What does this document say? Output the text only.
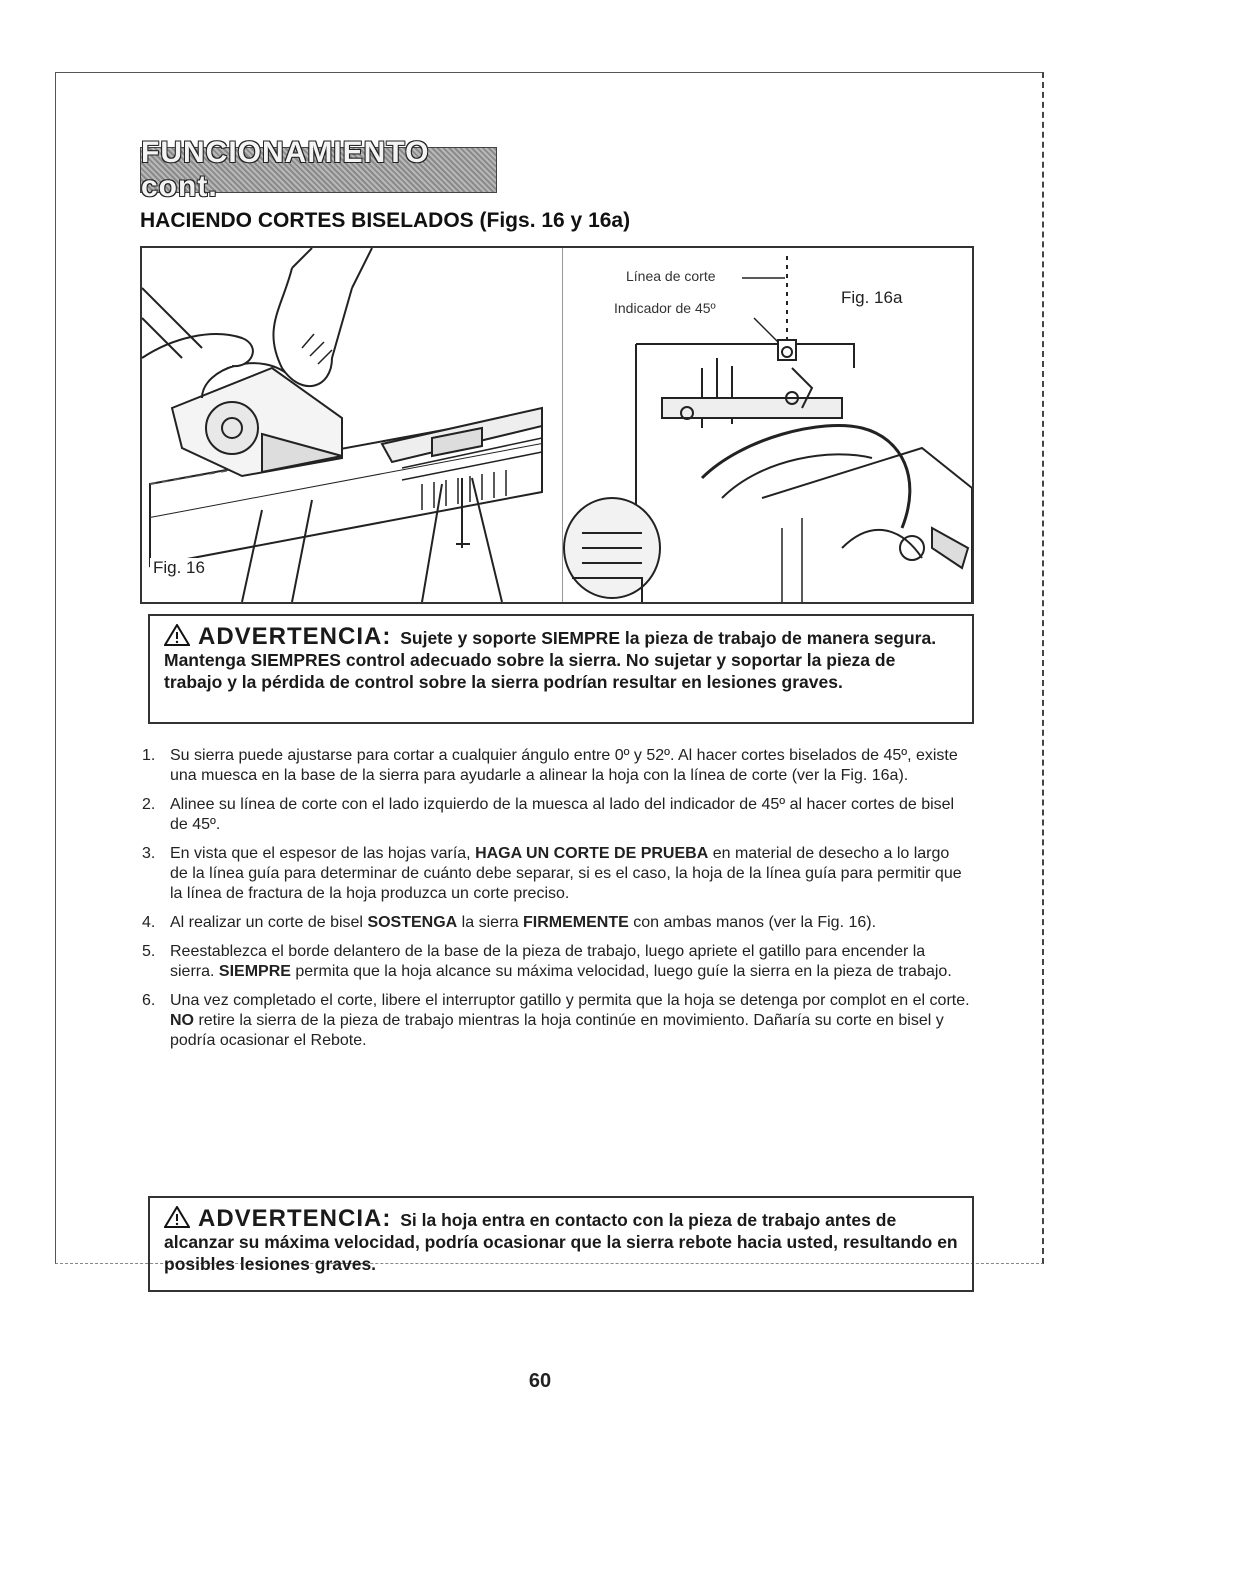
FUNCIONAMIENTO cont.
HACIENDO CORTES BISELADOS (Figs. 16 y 16a)
Fig. 16
Línea de corte
Indicador de 45º
Fig. 16a
ADVERTENCIA: Sujete y soporte SIEMPRE la pieza de trabajo de manera segura. Mantenga SIEMPRES control adecuado sobre la sierra. No sujetar y soportar la pieza de trabajo y la pérdida de control sobre la sierra podrían resultar en lesiones graves.
1. Su sierra puede ajustarse para cortar a cualquier ángulo entre 0º y 52º. Al hacer cortes biselados de 45º, existe una muesca en la base de la sierra para ayudarle a alinear la hoja con la línea de corte (ver la Fig. 16a).
2. Alinee su línea de corte con el lado izquierdo de la muesca al lado del indicador de 45º al hacer cortes de bisel de 45º.
3. En vista que el espesor de las hojas varía, HAGA UN CORTE DE PRUEBA en material de desecho a lo largo de la línea guía para determinar de cuánto debe separar, si es el caso, la hoja de la línea guía para permitir que la línea de fractura de la hoja produzca un corte preciso.
4. Al realizar un corte de bisel SOSTENGA la sierra FIRMEMENTE con ambas manos (ver la Fig. 16).
5. Reestablezca el borde delantero de la base de la pieza de trabajo, luego apriete el gatillo para encender la sierra. SIEMPRE permita que la hoja alcance su máxima velocidad, luego guíe la sierra en la pieza de trabajo.
6. Una vez completado el corte, libere el interruptor gatillo y permita que la hoja se detenga por complot en el corte. NO retire la sierra de la pieza de trabajo mientras la hoja continúe en movimiento. Dañaría su corte en bisel y podría ocasionar el Rebote.
ADVERTENCIA: Si la hoja entra en contacto con la pieza de trabajo antes de alcanzar su máxima velocidad, podría ocasionar que la sierra rebote hacia usted, resultando en posibles lesiones graves.
60
